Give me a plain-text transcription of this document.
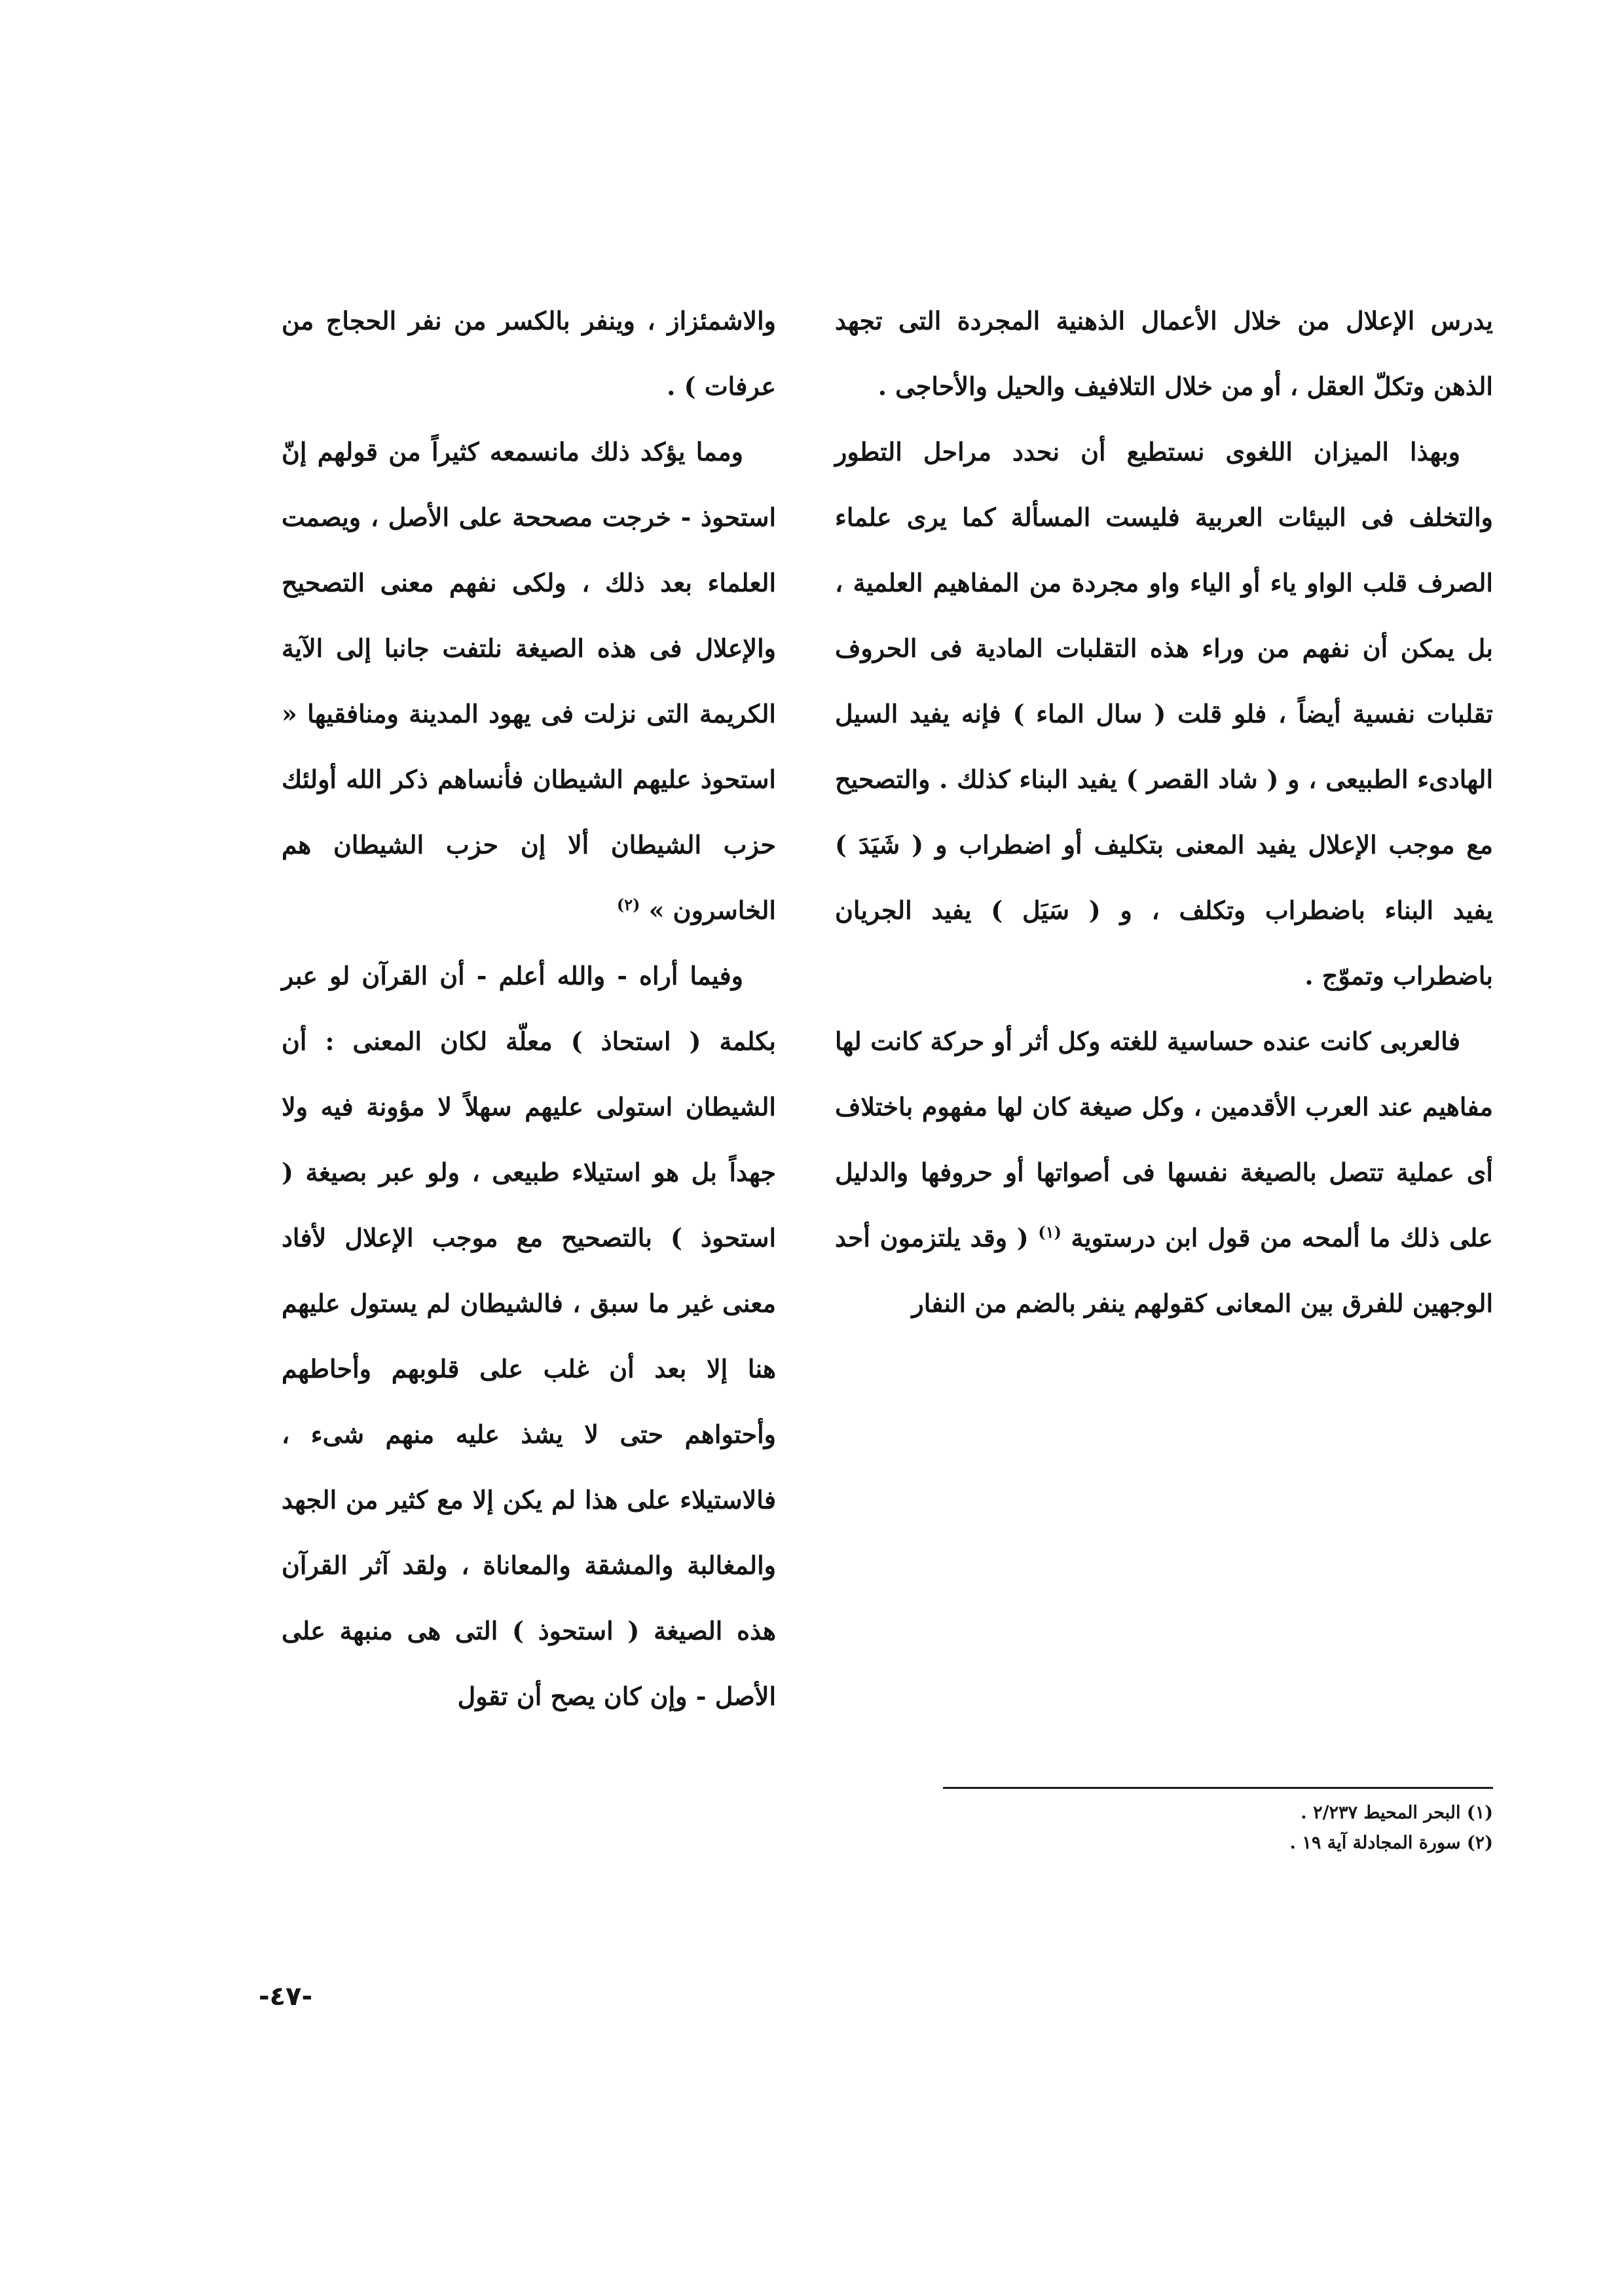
يدرس الإعلال من خلال الأعمال الذهنية المجردة التى تجهد الذهن وتكلّ العقل ، أو من خلال التلافيف والحيل والأحاجى .

وبهذا الميزان اللغوى نستطيع أن نحدد مراحل التطور والتخلف فى البيئات العربية فليست المسألة كما يرى علماء الصرف قلب الواو ياء أو الياء واو مجردة من المفاهيم العلمية ، بل يمكن أن نفهم من وراء هذه التقلبات المادية فى الحروف تقلبات نفسية أيضاً ، فلو قلت ( سال الماء ) فإنه يفيد السيل الهادىء الطبيعى ، و ( شاد القصر ) يفيد البناء كذلك . والتصحيح مع موجب الإعلال يفيد المعنى بتكليف أو اضطراب و ( شَيَدَ ) يفيد البناء باضطراب وتكلف ، و ( سَيَل ) يفيد الجريان باضطراب وتموّج .

فالعربى كانت عنده حساسية للغته وكل أثر أو حركة كانت لها مفاهيم عند العرب الأقدمين ، وكل صيغة كان لها مفهوم باختلاف أى عملية تتصل بالصيغة نفسها فى أصواتها أو حروفها والدليل على ذلك ما ألمحه من قول ابن درستوية $^{(١)}$ ( وقد يلتزمون أحد الوجهين للفرق بين المعانى كقولهم ينفر بالضم من النفار

والاشمئزاز ، وينفر بالكسر من نفر الحجاج من عرفات ) .

ومما يؤكد ذلك مانسمعه كثيراً من قولهم إنّ استحوذ - خرجت مصححة على الأصل ، ويصمت العلماء بعد ذلك ، ولكى نفهم معنى التصحيح والإعلال فى هذه الصيغة نلتفت جانبا إلى الآية الكريمة التى نزلت فى يهود المدينة ومنافقيها « استحوذ عليهم الشيطان فأنساهم ذكر الله أولئك حزب الشيطان ألا إن حزب الشيطان هم الخاسرون » $^{(٢)}$

وفيما أراه - والله أعلم - أن القرآن لو عبر بكلمة ( استحاذ ) معلّة لكان المعنى : أن الشيطان استولى عليهم سهلاً لا مؤونة فيه ولا جهداً بل هو استيلاء طبيعى ، ولو عبر بصيغة ( استحوذ ) بالتصحيح مع موجب الإعلال لأفاد معنى غير ما سبق ، فالشيطان لم يستول عليهم هنا إلا بعد أن غلب على قلوبهم وأحاطهم وأحتواهم حتى لا يشذ عليه منهم شىء ، فالاستيلاء على هذا لم يكن إلا مع كثير من الجهد والمغالبة والمشقة والمعاناة ، ولقد آثر القرآن هذه الصيغة ( استحوذ ) التى هى منبهة على الأصل - وإن كان يصح أن تقول

(١) البحر المحيط ٢/٢٣٧ .
(٢) سورة المجادلة آية ١٩ .
-٤٧-
